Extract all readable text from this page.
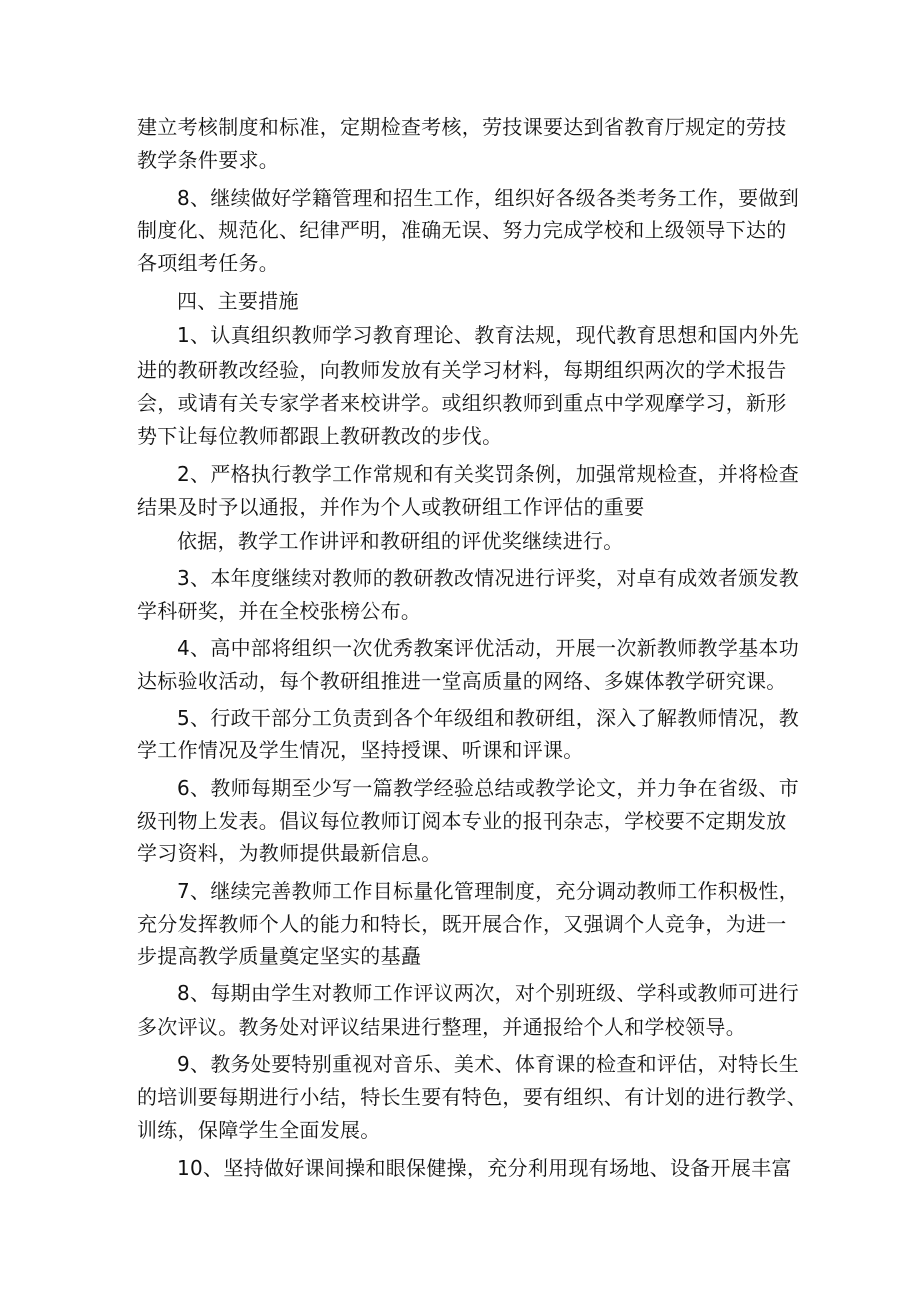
建立考核制度和标准，定期检查考核，劳技课要达到省教育厅规定的劳技
教学条件要求。
8、继续做好学籍管理和招生工作，组织好各级各类考务工作，要做到
制度化、规范化、纪律严明，准确无误、努力完成学校和上级领导下达的
各项组考任务。
四、主要措施
1、认真组织教师学习教育理论、教育法规，现代教育思想和国内外先
进的教研教改经验，向教师发放有关学习材料，每期组织两次的学术报告
会，或请有关专家学者来校讲学。或组织教师到重点中学观摩学习，新形
势下让每位教师都跟上教研教改的步伐。
2、严格执行教学工作常规和有关奖罚条例，加强常规检查，并将检查
结果及时予以通报，并作为个人或教研组工作评估的重要
依据，教学工作讲评和教研组的评优奖继续进行。
3、本年度继续对教师的教研教改情况进行评奖，对卓有成效者颁发教
学科研奖，并在全校张榜公布。
4、高中部将组织一次优秀教案评优活动，开展一次新教师教学基本功
达标验收活动，每个教研组推进一堂高质量的网络、多媒体教学研究课。
5、行政干部分工负责到各个年级组和教研组，深入了解教师情况，教
学工作情况及学生情况，坚持授课、听课和评课。
6、教师每期至少写一篇教学经验总结或教学论文，并力争在省级、市
级刊物上发表。倡议每位教师订阅本专业的报刊杂志，学校要不定期发放
学习资料，为教师提供最新信息。
7、继续完善教师工作目标量化管理制度，充分调动教师工作积极性，
充分发挥教师个人的能力和特长，既开展合作，又强调个人竞争，为进一
步提高教学质量奠定坚实的基矗
8、每期由学生对教师工作评议两次，对个别班级、学科或教师可进行
多次评议。教务处对评议结果进行整理，并通报给个人和学校领导。
9、教务处要特别重视对音乐、美术、体育课的检查和评估，对特长生
的培训要每期进行小结，特长生要有特色，要有组织、有计划的进行教学、
训练，保障学生全面发展。
10、坚持做好课间操和眼保健操，充分利用现有场地、设备开展丰富
